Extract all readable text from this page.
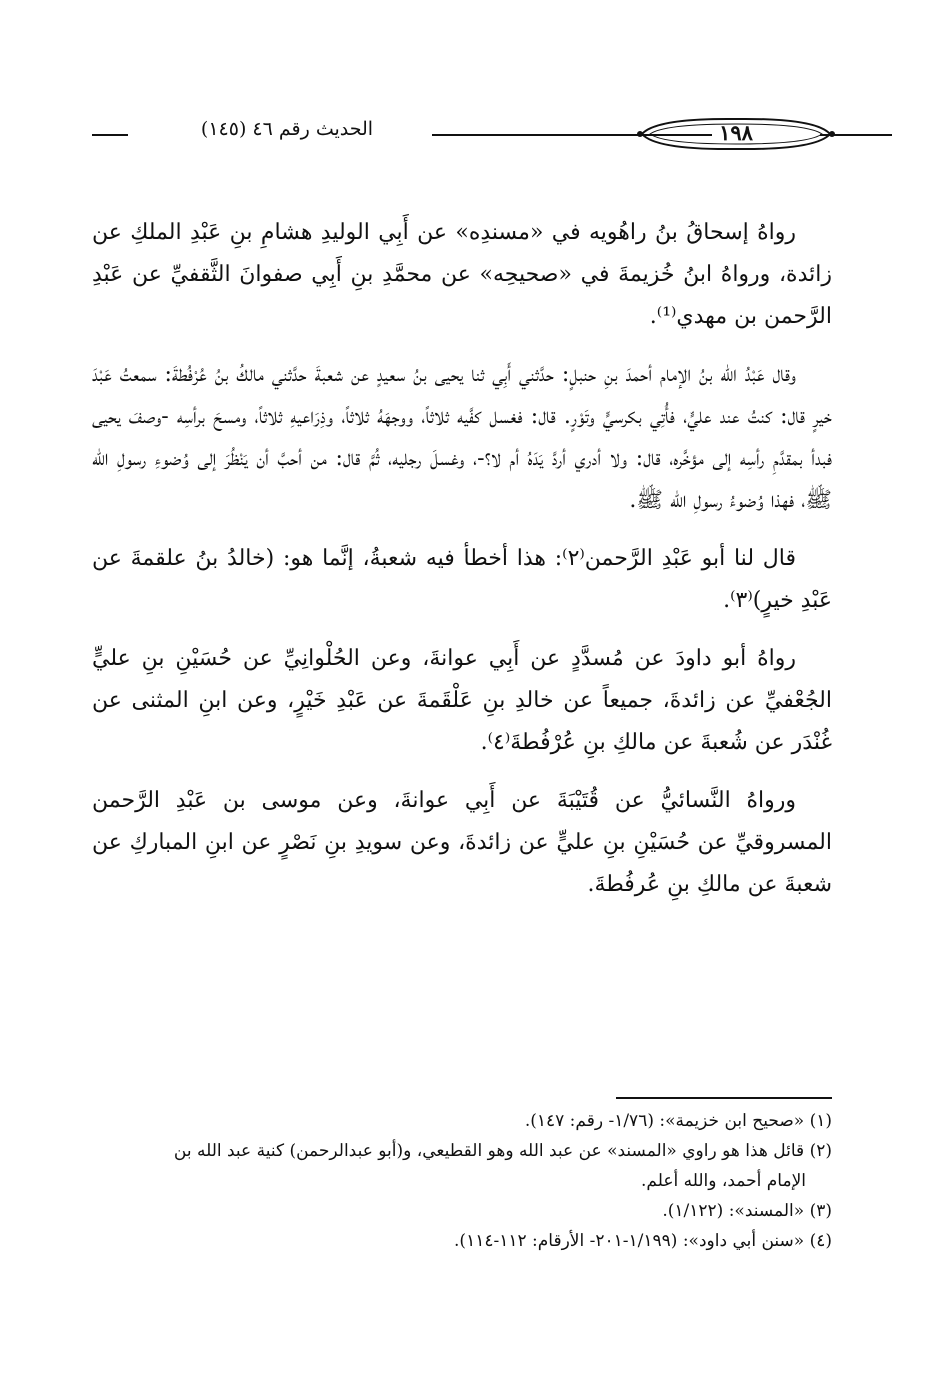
الحديث رقم ٤٦ (١٤٥)	١٩٨

رواهُ إسحاقُ بنُ راهُويه في «مسندِه» عن أَبِي الوليدِ هشامِ بنِ عَبْدِ الملكِ عن زائدة، ورواهُ ابنُ خُزيمةَ في «صحيحِه» عن محمَّدِ بنِ أَبِي صفوانَ الثَّقفيِّ عن عَبْدِ الرَّحمن بن مهدي⁽¹⁾.

وقال عَبْدُ الله بنُ الإمام أحمدَ بنِ حنبلٍ: حدَّثني أَبِي ثنا يحيى بنُ سعيدٍ عن شعبةَ حدَّثني مالكُ بنُ عُرْفُطةَ: سمعتُ عَبْدَ خيرٍ قال: كنتُ عند عليٍّ، فأُتِي بكرسيٍّ وتَوْرٍ. قال: فغسل كفَّيه ثلاثاً، ووجهَهُ ثلاثاً، وذِرَاعيهِ ثلاثاً، ومسحَ برأسِه -وصفَ يحيى فبدأ بمقدَّمِ رأسِه إلى مؤخَّره، قال: ولا أدري أردَّ يَدَهُ أم لا؟-، وغسلَ رجليه، ثُمَّ قال: من أحبَّ أن يَنْظُرَ إلى وُضوءِ رسولِ الله ﷺ، فهذا وُضوءُ رسولِ الله ﷺ.

قال لنا أبو عَبْدِ الرَّحمن⁽٢⁾: هذا أخطأ فيه شعبةُ، إنَّما هو: (خالدُ بنُ علقمةَ عن عَبْدِ خيرٍ)⁽٣⁾.

رواهُ أبو داودَ عن مُسدَّدٍ عن أَبِي عوانةَ، وعن الحُلْوانِيِّ عن حُسَيْنِ بنِ عليٍّ الجُعْفيِّ عن زائدةَ، جميعاً عن خالدِ بنِ عَلْقَمةَ عن عَبْدِ خَيْرٍ، وعن ابنِ المثنى عن غُنْدَر عن شُعبةَ عن مالكِ بنِ عُرْفُطةَ⁽٤⁾.

ورواهُ النَّسائيُّ عن قُتَيْبَةَ عن أَبِي عوانةَ، وعن موسى بن عَبْدِ الرَّحمن المسروقيِّ عن حُسَيْنِ بنِ عليٍّ عن زائدةَ، وعن سويدِ بنِ نَصْرٍ عن ابنِ المباركِ عن شعبةَ عن مالكِ بنِ عُرفُطةَ.

(١) «صحيح ابن خزيمة»: (١/٧٦- رقم: ١٤٧).

(٢) قائل هذا هو راوي «المسند» عن عبد الله وهو القطيعي، و(أبو عبدالرحمن) كنية عبد الله بن

الإمام أحمد، والله أعلم.

(٣) «المسند»: (١/١٢٢).

(٤) «سنن أبي داود»: (١/١٩٩-٢٠١- الأرقام: ١١٢-١١٤).
